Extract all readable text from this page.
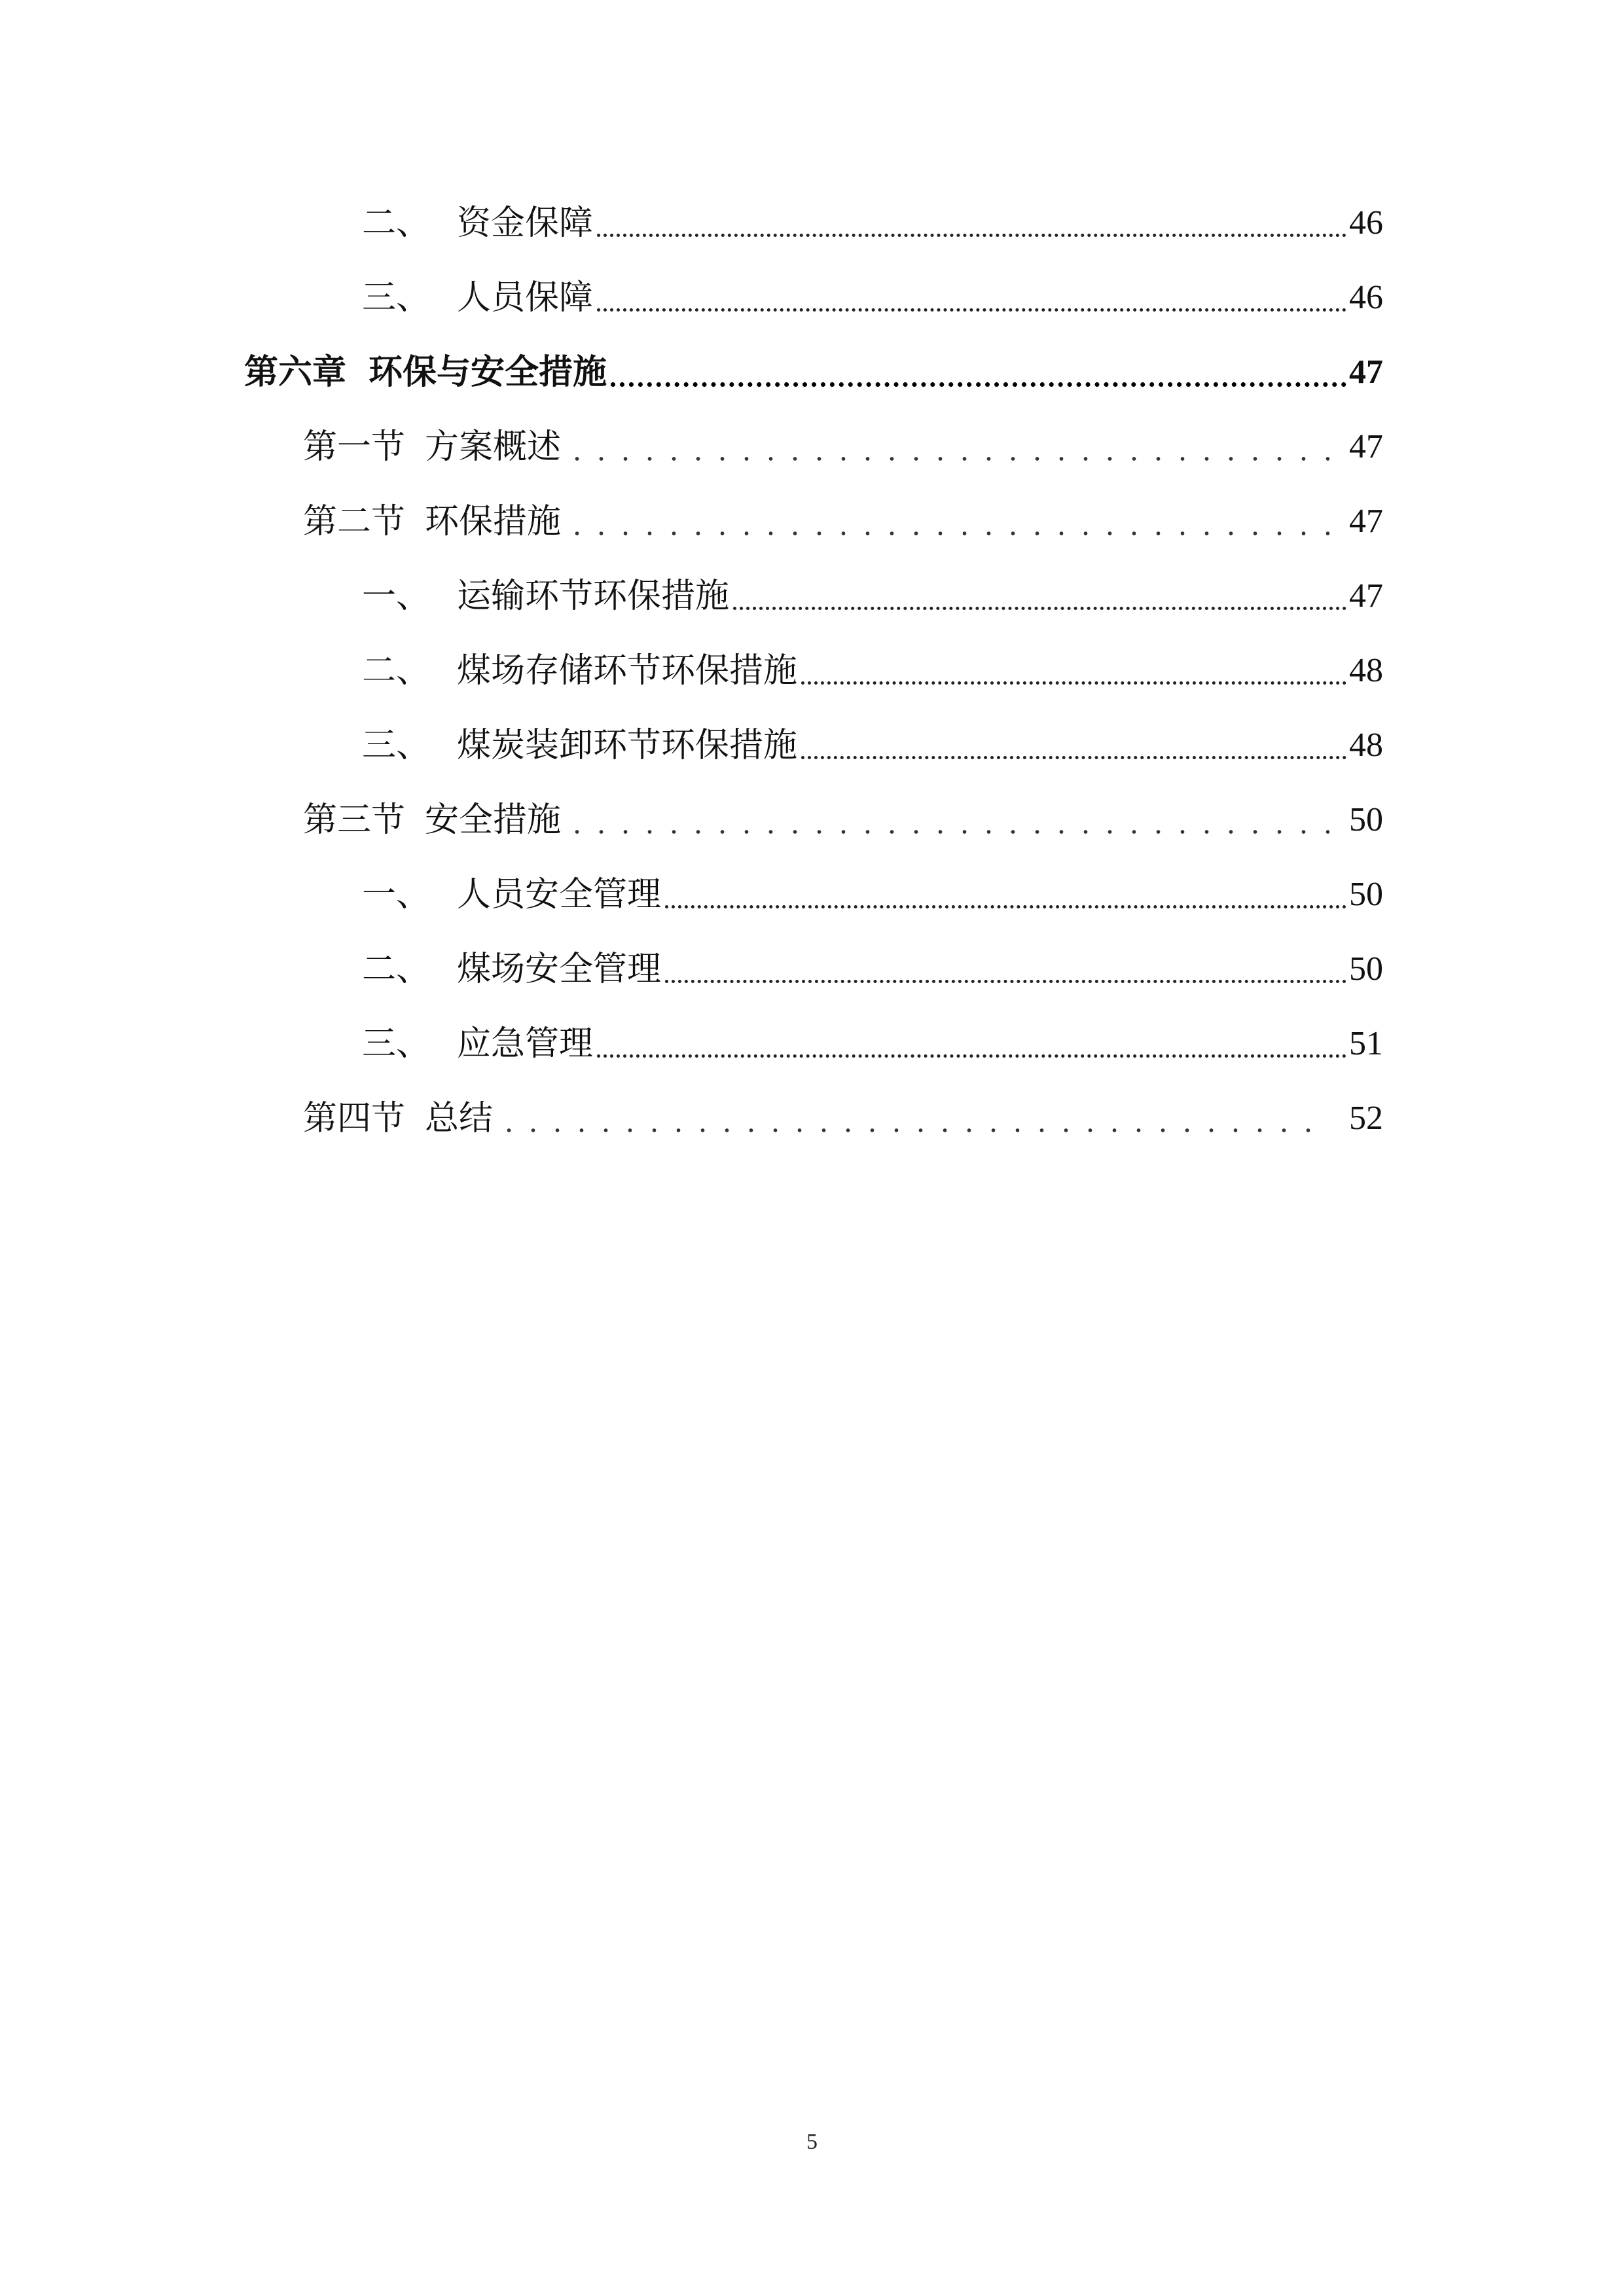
二、 资金保障	46
三、 人员保障	46
第六章 环保与安全措施	47
第一节 方案概述	47
第二节 环保措施	47
一、 运输环节环保措施	47
二、 煤场存储环节环保措施	48
三、 煤炭装卸环节环保措施	48
第三节 安全措施	50
一、 人员安全管理	50
二、 煤场安全管理	50
三、 应急管理	51
第四节 总结	52
5
